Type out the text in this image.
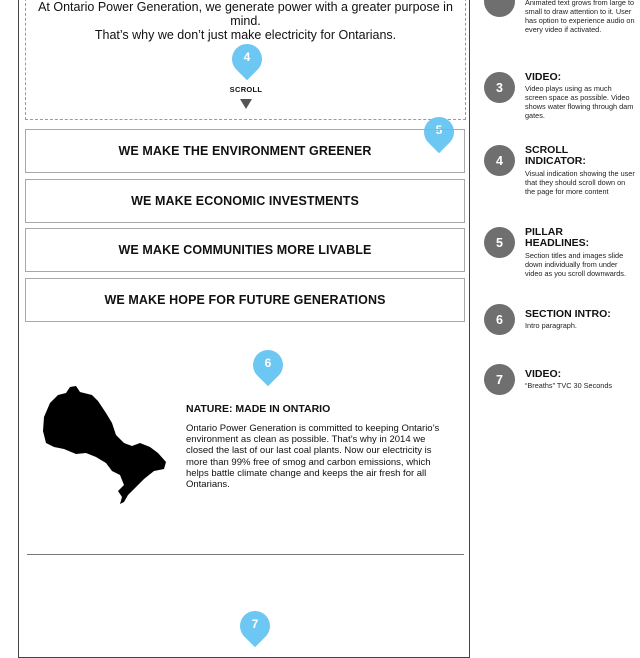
At Ontario Power Generation, we generate power with a greater purpose in mind.
That’s why we don’t just make electricity for Ontarians.
4
SCROLL
5
WE MAKE THE ENVIRONMENT GREENER
WE MAKE ECONOMIC INVESTMENTS
WE MAKE COMMUNITIES MORE LIVABLE
WE MAKE HOPE FOR FUTURE GENERATIONS
6
NATURE: MADE IN ONTARIO
Ontario Power Generation is committed to keeping Ontario’s environment as clean as possible. That’s why in 2014 we closed the last of our last coal plants. Now our electricity is more than 99% free of smog and carbon emissions, which helps battle climate change and keeps the air fresh for all Ontarians.
7
Animated text grows from large to small to draw attention to it. User has option to experience audio on every video if activated.
3
VIDEO:
Video plays using as much screen space as possible. Video shows water flowing through dam gates.
4
SCROLL INDICATOR:
Visual indication showing the user that they should scroll down on the page for more content
5
PILLAR HEADLINES:
Section titles and images slide down individually from under video as you scroll downwards.
6	SECTION INTRO:
Intro paragraph.
7	VIDEO:
“Breaths” TVC 30 Seconds
